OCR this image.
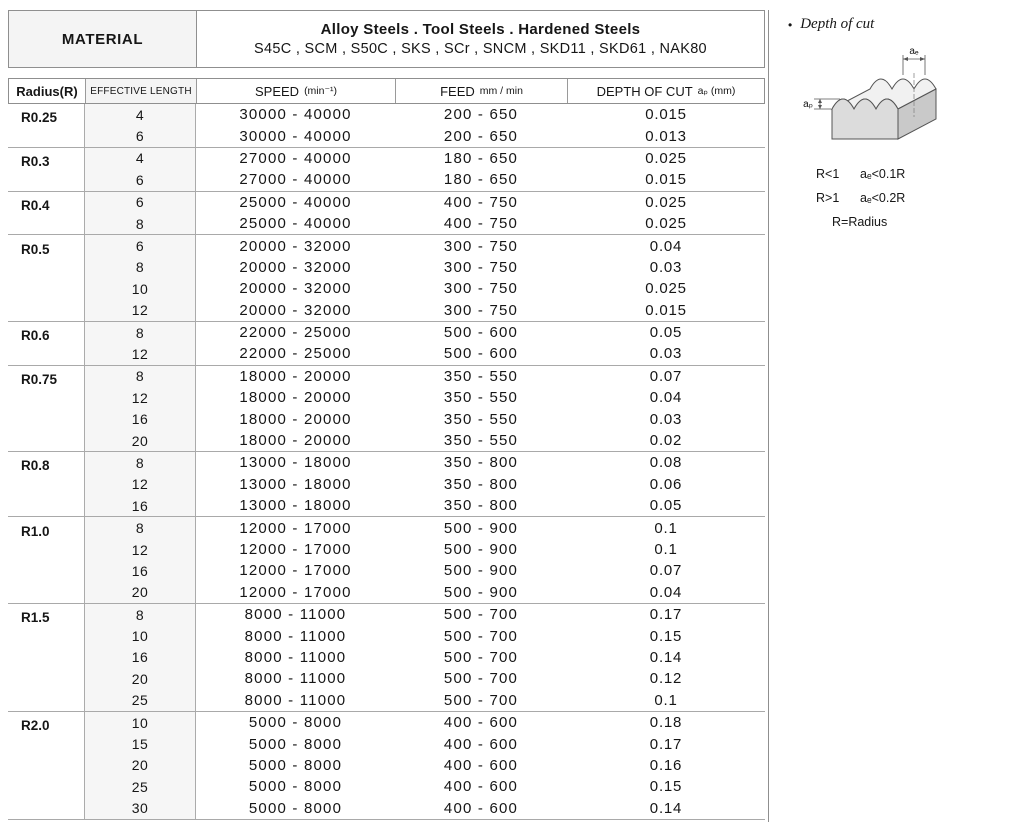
MATERIAL
Alloy Steels . Tool Steels . Hardened Steels
S45C , SCM , S50C , SKS , SCr , SNCM , SKD11 , SKD61 , NAK80
Radius(R)	EFFECTIVE LENGTH	SPEED (min⁻¹)	FEED mm / min	DEPTH OF CUT aₚ (mm)
R0.25	4	30000 - 40000	200 - 650	0.015
6	30000 - 40000	200 - 650	0.013
R0.3	4	27000 - 40000	180 - 650	0.025
6	27000 - 40000	180 - 650	0.015
R0.4	6	25000 - 40000	400 - 750	0.025
8	25000 - 40000	400 - 750	0.025
R0.5	6	20000 - 32000	300 - 750	0.04
8	20000 - 32000	300 - 750	0.03
10	20000 - 32000	300 - 750	0.025
12	20000 - 32000	300 - 750	0.015
R0.6	8	22000 - 25000	500 - 600	0.05
12	22000 - 25000	500 - 600	0.03
R0.75	8	18000 - 20000	350 - 550	0.07
12	18000 - 20000	350 - 550	0.04
16	18000 - 20000	350 - 550	0.03
20	18000 - 20000	350 - 550	0.02
R0.8	8	13000 - 18000	350 - 800	0.08
12	13000 - 18000	350 - 800	0.06
16	13000 - 18000	350 - 800	0.05
R1.0	8	12000 - 17000	500 - 900	0.1
12	12000 - 17000	500 - 900	0.1
16	12000 - 17000	500 - 900	0.07
20	12000 - 17000	500 - 900	0.04
R1.5	8	8000 - 11000	500 - 700	0.17
10	8000 - 11000	500 - 700	0.15
16	8000 - 11000	500 - 700	0.14
20	8000 - 11000	500 - 700	0.12
25	8000 - 11000	500 - 700	0.1
R2.0	10	5000 - 8000	400 - 600	0.18
15	5000 - 8000	400 - 600	0.17
20	5000 - 8000	400 - 600	0.16
25	5000 - 8000	400 - 600	0.15
30	5000 - 8000	400 - 600	0.14
• Depth of cut
aₑ
aₚ
R<1	aₑ<0.1R
R>1	aₑ<0.2R
R=Radius
